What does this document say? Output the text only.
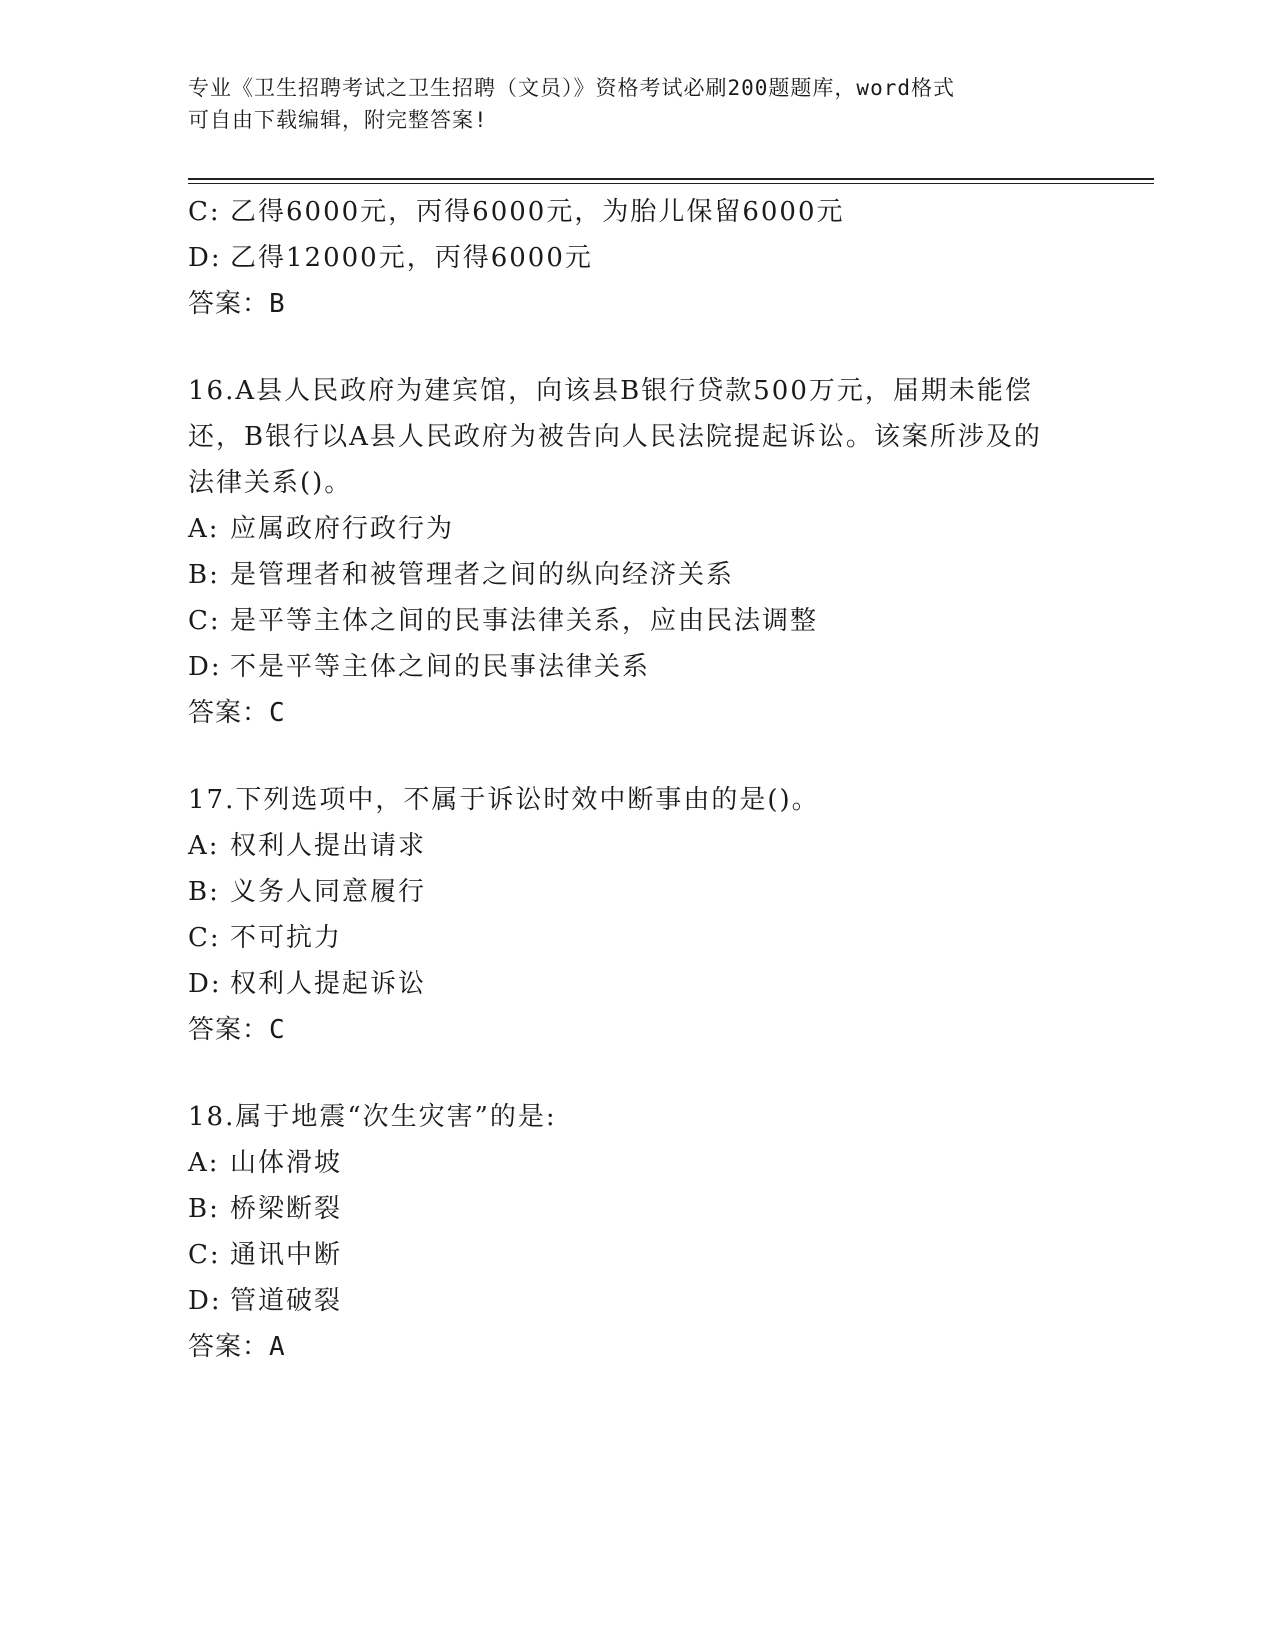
专业《卫生招聘考试之卫生招聘（文员）》资格考试必刷200题题库，word格式
可自由下载编辑，附完整答案!
C: 乙得6000元，丙得6000元，为胎儿保留6000元
D: 乙得12000元，丙得6000元
答案：B
16.A县人民政府为建宾馆，向该县B银行贷款500万元，届期未能偿
还，B银行以A县人民政府为被告向人民法院提起诉讼。该案所涉及的
法律关系()。
A: 应属政府行政行为
B: 是管理者和被管理者之间的纵向经济关系
C: 是平等主体之间的民事法律关系，应由民法调整
D: 不是平等主体之间的民事法律关系
答案：C
17.下列选项中，不属于诉讼时效中断事由的是()。
A: 权利人提出请求
B: 义务人同意履行
C: 不可抗力
D: 权利人提起诉讼
答案：C
18.属于地震“次生灾害”的是:
A: 山体滑坡
B: 桥梁断裂
C: 通讯中断
D: 管道破裂
答案：A
